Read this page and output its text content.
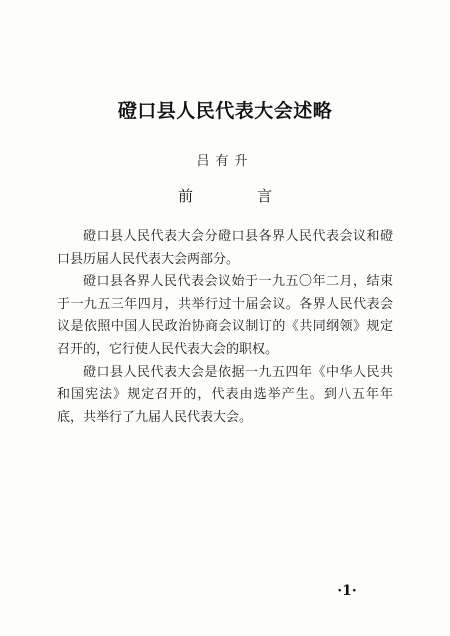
磴口县人民代表大会述略
吕有升
前言

磴口县人民代表大会分磴口县各界人民代表会议和磴口县历届人民代表大会两部分。

磴口县各界人民代表会议始于一九五〇年二月，结束于一九五三年四月，共举行过十届会议。各界人民代表会议是依照中国人民政治协商会议制订的《共同纲领》规定召开的，它行使人民代表大会的职权。

磴口县人民代表大会是依据一九五四年《中华人民共和国宪法》规定召开的，代表由选举产生。到八五年年底，共举行了九届人民代表大会。

·1·
